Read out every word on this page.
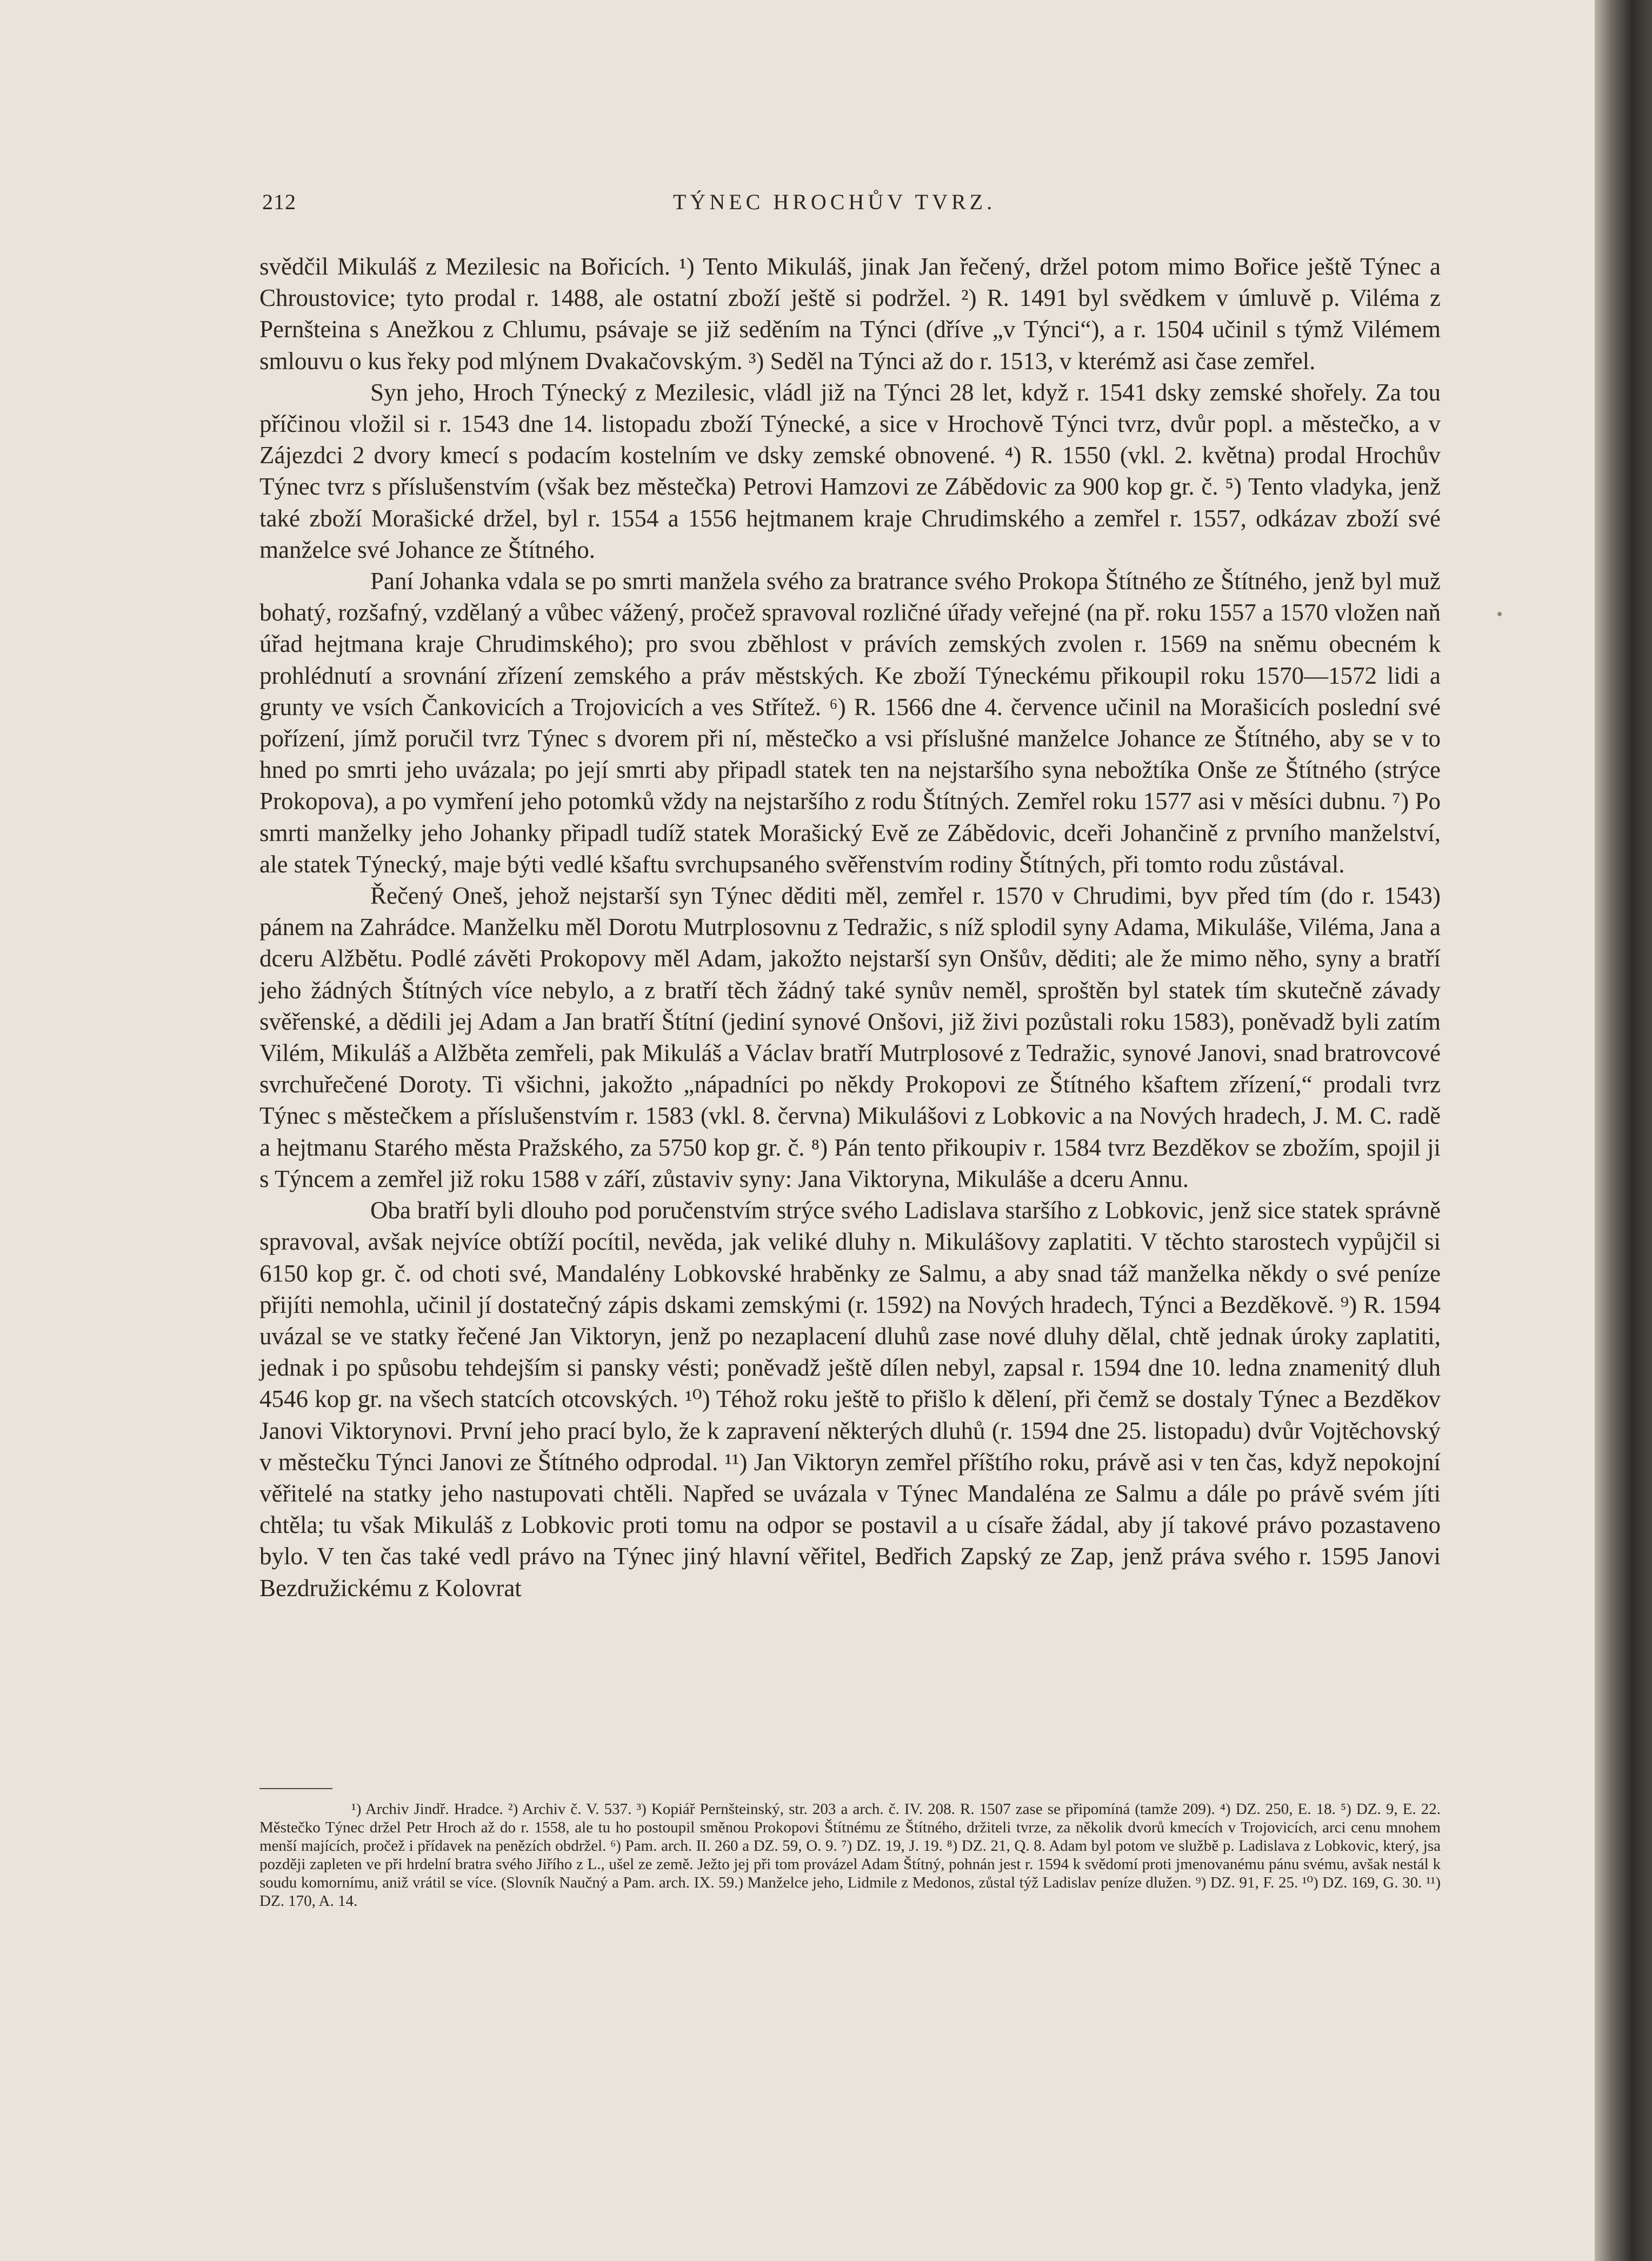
212	TÝNEC HROCHŮV TVRZ.

svědčil Mikuláš z Mezilesic na Bořicích. ¹) Tento Mikuláš, jinak Jan řečený, držel potom mimo Bořice ještě Týnec a Chroustovice; tyto prodal r. 1488, ale ostatní zboží ještě si podržel. ²) R. 1491 byl svědkem v úmluvě p. Viléma z Pernšteina s Anežkou z Chlumu, psávaje se již seděním na Týnci (dříve „v Týnci“), a r. 1504 učinil s týmž Vilémem smlouvu o kus řeky pod mlýnem Dvakačovským. ³) Seděl na Týnci až do r. 1513, v kterémž asi čase zemřel.

Syn jeho, Hroch Týnecký z Mezilesic, vládl již na Týnci 28 let, když r. 1541 dsky zemské shořely. Za tou příčinou vložil si r. 1543 dne 14. listopadu zboží Týnecké, a sice v Hrochově Týnci tvrz, dvůr popl. a městečko, a v Zájezdci 2 dvory kmecí s podacím kostelním ve dsky zemské obnovené. ⁴) R. 1550 (vkl. 2. května) prodal Hrochův Týnec tvrz s příslušenstvím (však bez městečka) Petrovi Hamzovi ze Zábědovic za 900 kop gr. č. ⁵) Tento vladyka, jenž také zboží Morašické držel, byl r. 1554 a 1556 hejtmanem kraje Chrudimského a zemřel r. 1557, odkázav zboží své manželce své Johance ze Štítného.

Paní Johanka vdala se po smrti manžela svého za bratrance svého Prokopa Štítného ze Štítného, jenž byl muž bohatý, rozšafný, vzdělaný a vůbec vážený, pročež spravoval rozličné úřady veřejné (na př. roku 1557 a 1570 vložen naň úřad hejtmana kraje Chrudimského); pro svou zběhlost v právích zemských zvolen r. 1569 na sněmu obecném k prohlédnutí a srovnání zřízení zemského a práv městských. Ke zboží Týneckému přikoupil roku 1570—1572 lidi a grunty ve vsích Čankovicích a Trojovicích a ves Střítež. ⁶) R. 1566 dne 4. července učinil na Morašicích poslední své pořízení, jímž poručil tvrz Týnec s dvorem při ní, městečko a vsi příslušné manželce Johance ze Štítného, aby se v to hned po smrti jeho uvázala; po její smrti aby připadl statek ten na nejstaršího syna nebožtíka Onše ze Štítného (strýce Prokopova), a po vymření jeho potomků vždy na nejstaršího z rodu Štítných. Zemřel roku 1577 asi v měsíci dubnu. ⁷) Po smrti manželky jeho Johanky připadl tudíž statek Morašický Evě ze Zábědovic, dceři Johančině z prvního manželství, ale statek Týnecký, maje býti vedlé kšaftu svrchupsaného svěřenstvím rodiny Štítných, při tomto rodu zůstával.

Řečený Oneš, jehož nejstarší syn Týnec děditi měl, zemřel r. 1570 v Chrudimi, byv před tím (do r. 1543) pánem na Zahrádce. Manželku měl Dorotu Mutrplosovnu z Tedražic, s níž splodil syny Adama, Mikuláše, Viléma, Jana a dceru Alžbětu. Podlé závěti Prokopovy měl Adam, jakožto nejstarší syn Onšův, děditi; ale že mimo něho, syny a bratří jeho žádných Štítných více nebylo, a z bratří těch žádný také synův neměl, sproštěn byl statek tím skutečně závady svěřenské, a dědili jej Adam a Jan bratří Štítní (jediní synové Onšovi, již živi pozůstali roku 1583), poněvadž byli zatím Vilém, Mikuláš a Alžběta zemřeli, pak Mikuláš a Václav bratří Mutrplosové z Tedražic, synové Janovi, snad bratrovcové svrchuřečené Doroty. Ti všichni, jakožto „nápadníci po někdy Prokopovi ze Štítného kšaftem zřízení,“ prodali tvrz Týnec s městečkem a příslušenstvím r. 1583 (vkl. 8. června) Mikulášovi z Lobkovic a na Nových hradech, J. M. C. radě a hejtmanu Starého města Pražského, za 5750 kop gr. č. ⁸) Pán tento přikoupiv r. 1584 tvrz Bezděkov se zbožím, spojil ji s Týncem a zemřel již roku 1588 v září, zůstaviv syny: Jana Viktoryna, Mikuláše a dceru Annu.

Oba bratří byli dlouho pod poručenstvím strýce svého Ladislava staršího z Lobkovic, jenž sice statek správně spravoval, avšak nejvíce obtíží pocítil, nevěda, jak veliké dluhy n. Mikulášovy zaplatiti. V těchto starostech vypůjčil si 6150 kop gr. č. od choti své, Mandalény Lobkovské hraběnky ze Salmu, a aby snad táž manželka někdy o své peníze přijíti nemohla, učinil jí dostatečný zápis dskami zemskými (r. 1592) na Nových hradech, Týnci a Bezděkově. ⁹) R. 1594 uvázal se ve statky řečené Jan Viktoryn, jenž po nezaplacení dluhů zase nové dluhy dělal, chtě jednak úroky zaplatiti, jednak i po spůsobu tehdejším si pansky vésti; poněvadž ještě dílen nebyl, zapsal r. 1594 dne 10. ledna znamenitý dluh 4546 kop gr. na všech statcích otcovských. ¹⁰) Téhož roku ještě to přišlo k dělení, při čemž se dostaly Týnec a Bezděkov Janovi Viktorynovi. První jeho prací bylo, že k zapravení některých dluhů (r. 1594 dne 25. listopadu) dvůr Vojtěchovský v městečku Týnci Janovi ze Štítného odprodal. ¹¹) Jan Viktoryn zemřel příštího roku, právě asi v ten čas, když nepokojní věřitelé na statky jeho nastupovati chtěli. Napřed se uvázala v Týnec Mandaléna ze Salmu a dále po právě svém jíti chtěla; tu však Mikuláš z Lobkovic proti tomu na odpor se postavil a u císaře žádal, aby jí takové právo pozastaveno bylo. V ten čas také vedl právo na Týnec jiný hlavní věřitel, Bedřich Zapský ze Zap, jenž práva svého r. 1595 Janovi Bezdružickému z Kolovrat

¹) Archiv Jindř. Hradce. ²) Archiv č. V. 537. ³) Kopiář Pernšteinský, str. 203 a arch. č. IV. 208. R. 1507 zase se připomíná (tamže 209). ⁴) DZ. 250, E. 18. ⁵) DZ. 9, E. 22. Městečko Týnec držel Petr Hroch až do r. 1558, ale tu ho postoupil směnou Prokopovi Štítnému ze Štítného, držiteli tvrze, za několik dvorů kmecích v Trojovicích, arci cenu mnohem menší majících, pročež i přídavek na penězích obdržel. ⁶) Pam. arch. II. 260 a DZ. 59, O. 9. ⁷) DZ. 19, J. 19. ⁸) DZ. 21, Q. 8. Adam byl potom ve službě p. Ladislava z Lobkovic, který, jsa později zapleten ve při hrdelní bratra svého Jiřího z L., ušel ze země. Ježto jej při tom provázel Adam Štítný, pohnán jest r. 1594 k svědomí proti jmenovanému pánu svému, avšak nestál k soudu komornímu, aniž vrátil se více. (Slovník Naučný a Pam. arch. IX. 59.) Manželce jeho, Lidmile z Medonos, zůstal týž Ladislav peníze dlužen. ⁹) DZ. 91, F. 25. ¹⁰) DZ. 169, G. 30. ¹¹) DZ. 170, A. 14.
